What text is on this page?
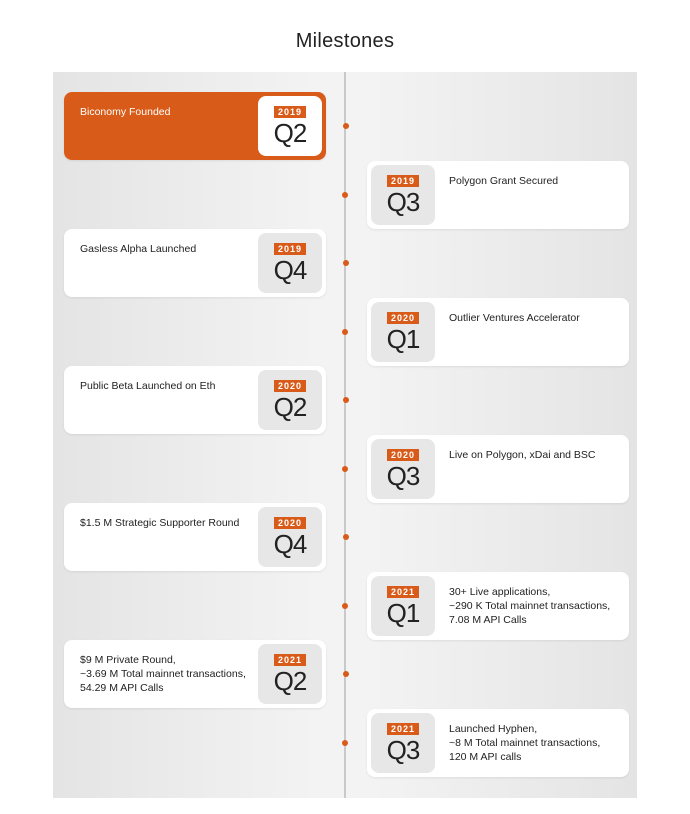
Milestones
Biconomy Founded	2019
Q2
Polygon Grant Secured
2019
Q3
Gasless Alpha Launched	2019
Q4
Outlier Ventures Accelerator
2020
Q1
Public Beta Launched on Eth	2020
Q2
Live on Polygon, xDai and BSC
2020
Q3
$1.5 M Strategic Supporter Round	2020
Q4
30+ Live applications,
~290 K Total mainnet transactions,
7.08 M API Calls
2021
Q1
$9 M Private Round,
~3.69 M Total mainnet transactions,
54.29 M API Calls
2021
Q2
Launched Hyphen,
~8 M Total mainnet transactions,
120 M API calls
2021
Q3
